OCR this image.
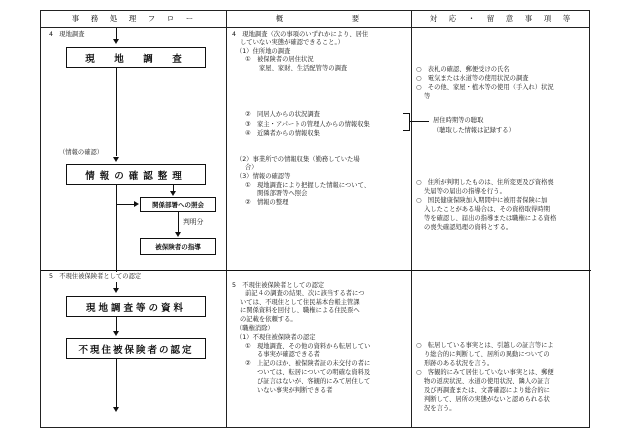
事　務　処　理　フ　ロ　ー	概　　　　　　　要	対　応　・　留　意　事　項　等
4　現地調査
現　地　調　査
（情報の確認）
情報の確認整理
関係部署への照会
判明分
被保険者の指導
5　不現住被保険者としての認定
現地調査等の資料
不現住被保険者の認定
4　現地調査（次の事項のいずれかにより、居住
していない実態が確認できること。）
（1）住所地の調査
①　被保険者の居住状況
家屋、家財、生活配管等の調査
②　同居人からの状況調査
③　家主・アパートの管理人からの情報収集
④　近隣者からの情報収集
（2）事業所での情報収集（勤務していた場
合）
（3）情報の確認等
①　現地調査により把握した情報について、
関係部署等へ照会
②　情報の整理
5　不現住被保険者としての認定
前記４の調査の結果、次に該当する者につ
いては、不現住として住民基本台帳主管課
に関係資料を回付し、職権による住民票へ
の記載を依頼する。
（職権消除）
（1）不現住被保険者の認定
①　現地調査、その他の資料から転居してい
る事実が確認できる者
②　上記のほか、被保険者証の未交付の者に
ついては、転居についての明確な資料及
び証言はないが、客観的にみて居住して
いない事実が判断できる者
○　表札の確認、郵便受けの氏名
○　電気または水道等の使用状況の調査
○　その他、家屋・植木等の使用（手入れ）状況
等
居住時期等の聴取
（聴取した情報は記録する）
○　住所が判明したものは、住所変更及び資格喪
失届等の届出の指導を行う。
○　国民健康保険加入期間中に被用者保険に加
入したことがある場合は、その資格取得時期
等を確認し、届出の指導または職権による資格
の喪失確認処理の資料とする。
○　転居している事実とは、引越しの証言等によ
り総合的に判断して、居所の異動についての
形跡のある状況を言う。
○　客観的にみて居住していない事実とは、郵便
物の返戻状況、水道の使用状況、隣人の証言
及び再調査または、文書確認により総合的に
判断して、居所の実態がないと認められる状
況を言う。
